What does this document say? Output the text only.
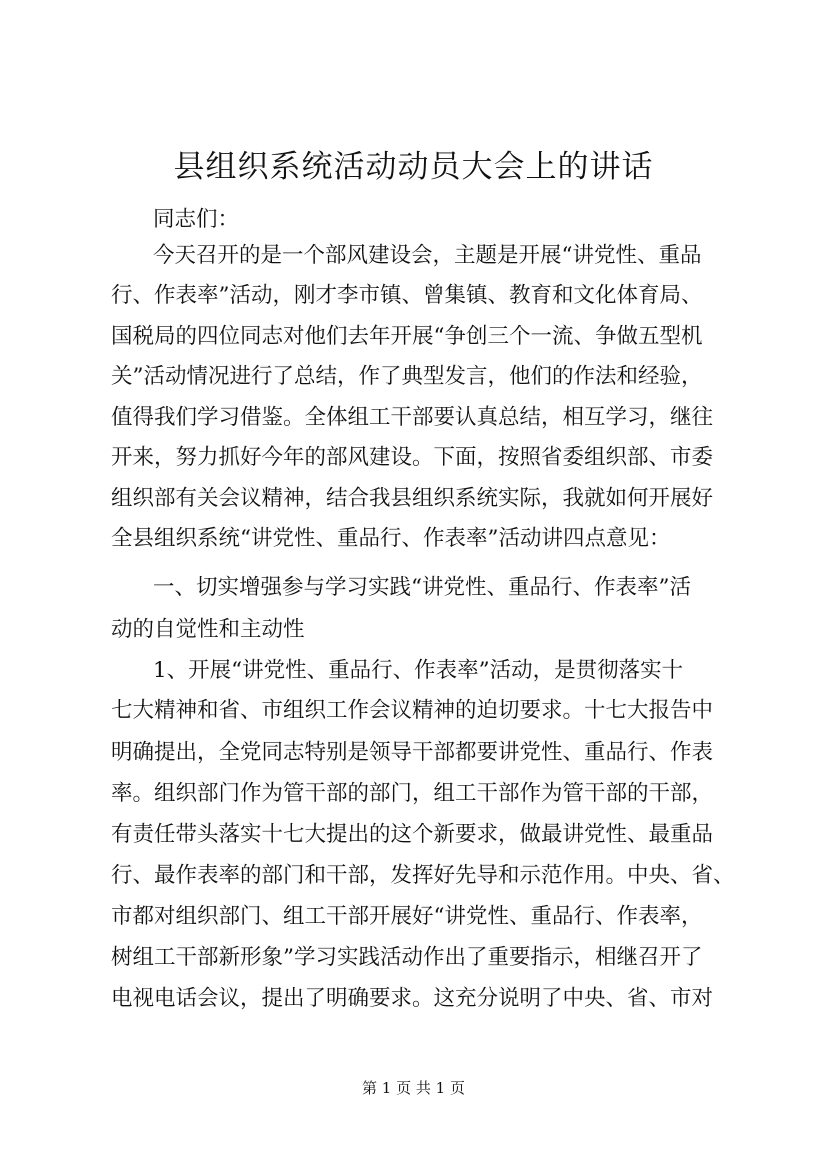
县组织系统活动动员大会上的讲话
同志们：
今天召开的是一个部风建设会，主题是开展“讲党性、重品
行、作表率”活动，刚才李市镇、曾集镇、教育和文化体育局、
国税局的四位同志对他们去年开展“争创三个一流、争做五型机
关”活动情况进行了总结，作了典型发言，他们的作法和经验，
值得我们学习借鉴。全体组工干部要认真总结，相互学习，继往
开来，努力抓好今年的部风建设。下面，按照省委组织部、市委
组织部有关会议精神，结合我县组织系统实际，我就如何开展好
全县组织系统“讲党性、重品行、作表率”活动讲四点意见：
一、切实增强参与学习实践“讲党性、重品行、作表率”活
动的自觉性和主动性
1、开展“讲党性、重品行、作表率”活动，是贯彻落实十
七大精神和省、市组织工作会议精神的迫切要求。十七大报告中
明确提出，全党同志特别是领导干部都要讲党性、重品行、作表
率。组织部门作为管干部的部门，组工干部作为管干部的干部，
有责任带头落实十七大提出的这个新要求，做最讲党性、最重品
行、最作表率的部门和干部，发挥好先导和示范作用。中央、省、
市都对组织部门、组工干部开展好“讲党性、重品行、作表率，
树组工干部新形象”学习实践活动作出了重要指示，相继召开了
电视电话会议，提出了明确要求。这充分说明了中央、省、市对
第 1 页 共 1 页
